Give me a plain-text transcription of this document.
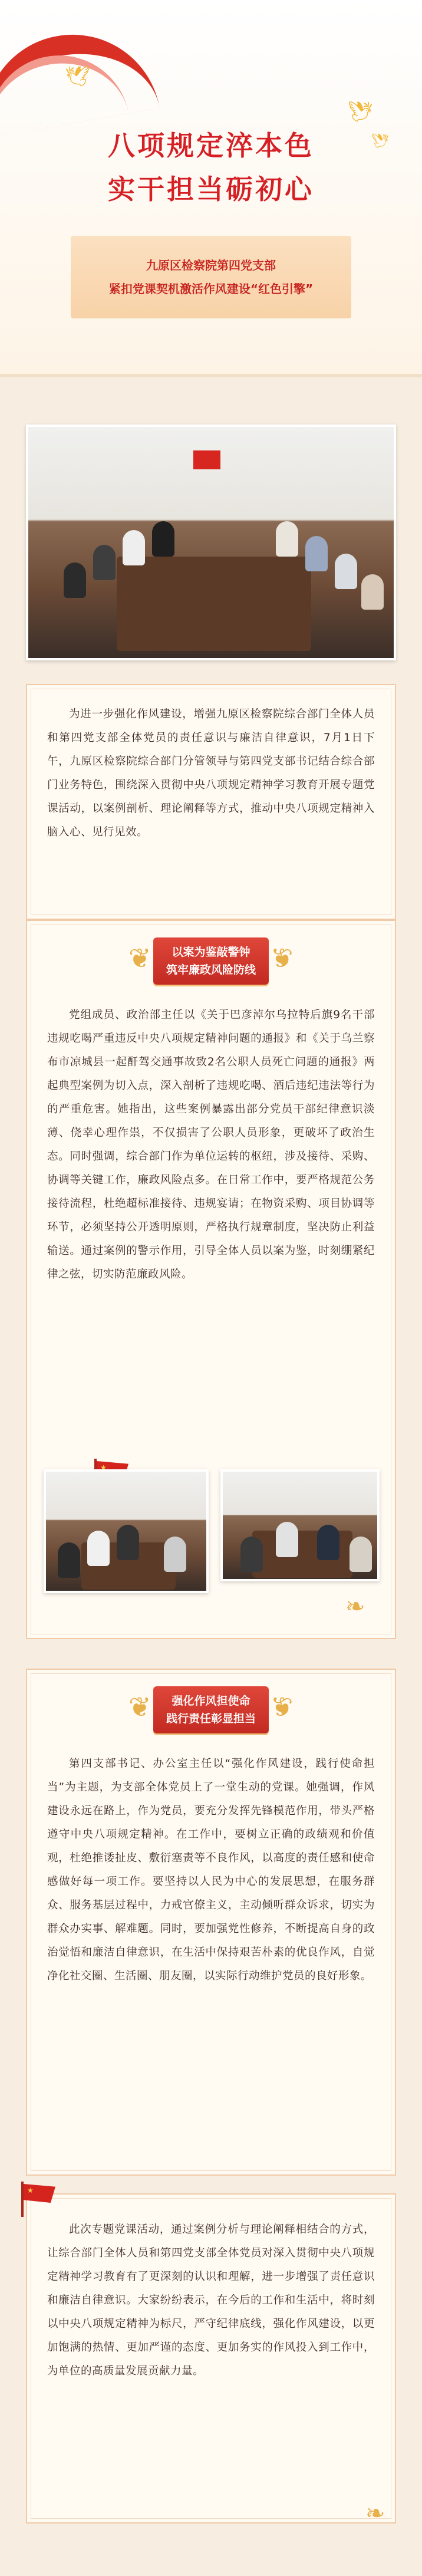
🕊
🕊
🕊
八项规定淬本色
实干担当砺初心
九原区检察院第四党支部
紧扣党课契机激活作风建设“红色引擎”

为进一步强化作风建设，增强九原区检察院综合部门全体人员和第四党支部全体党员的责任意识与廉洁自律意识，7月1日下午，九原区检察院综合部门分管领导与第四党支部书记结合综合部门业务特色，围绕深入贯彻中央八项规定精神学习教育开展专题党课活动，以案例剖析、理论阐释等方式，推动中央八项规定精神入脑入心、见行见效。

❦	以案为鉴敲警钟
筑牢廉政风险防线 ❦

党组成员、政治部主任以《关于巴彦淖尔乌拉特后旗9名干部违规吃喝严重违反中央八项规定精神问题的通报》和《关于乌兰察布市凉城县一起酐驾交通事故致2名公职人员死亡问题的通报》两起典型案例为切入点，深入剖析了违规吃喝、酒后违纪违法等行为的严重危害。她指出，这些案例暴露出部分党员干部纪律意识淡薄、侥幸心理作祟，不仅损害了公职人员形象，更破坏了政治生态。同时强调，综合部门作为单位运转的枢纽，涉及接待、采购、协调等关键工作，廉政风险点多。在日常工作中，要严格规范公务接待流程，杜绝超标准接待、违规宴请；在物资采购、项目协调等环节，必须坚持公开透明原则，严格执行规章制度，坚决防止利益输送。通过案例的警示作用，引导全体人员以案为鉴，时刻绷紧纪律之弦，切实防范廉政风险。

★
❧
❦	强化作风担使命
践行责任彰显担当 ❦

第四支部书记、办公室主任以“强化作风建设，践行使命担当”为主题，为支部全体党员上了一堂生动的党课。她强调，作风建设永远在路上，作为党员，要充分发挥先锋模范作用，带头严格遵守中央八项规定精神。在工作中，要树立正确的政绩观和价值观，杜绝推诿扯皮、敷衍塞责等不良作风，以高度的责任感和使命感做好每一项工作。要坚持以人民为中心的发展思想，在服务群众、服务基层过程中，力戒官僚主义，主动倾听群众诉求，切实为群众办实事、解难题。同时，要加强党性修养，不断提高自身的政治觉悟和廉洁自律意识，在生活中保持艰苦朴素的优良作风，自觉净化社交圈、生活圈、朋友圈，以实际行动维护党员的良好形象。

此次专题党课活动，通过案例分析与理论阐释相结合的方式，让综合部门全体人员和第四党支部全体党员对深入贯彻中央八项规定精神学习教育有了更深刻的认识和理解，进一步增强了责任意识和廉洁自律意识。大家纷纷表示，在今后的工作和生活中，将时刻以中央八项规定精神为标尺，严守纪律底线，强化作风建设，以更加饱满的热情、更加严谨的态度、更加务实的作风投入到工作中，为单位的高质量发展贡献力量。

★
❧
